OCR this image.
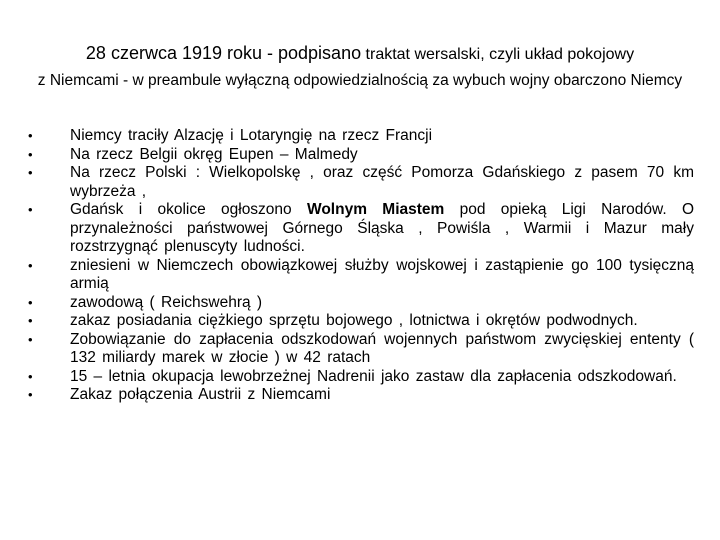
28 czerwca 1919 roku - podpisano traktat wersalski, czyli układ pokojowy
z Niemcami - w preambule wyłączną odpowiedzialnością za wybuch wojny obarczono Niemcy
• Niemcy traciły Alzację i Lotaryngię na rzecz Francji
• Na rzecz Belgii okręg Eupen – Malmedy
• Na rzecz Polski : Wielkopolskę , oraz część Pomorza Gdańskiego z pasem 70 km wybrzeża ,
• Gdańsk i okolice ogłoszono Wolnym Miastem pod opieką Ligi Narodów. O przynależności państwowej Górnego Śląska , Powiśla , Warmii i Mazur mały rozstrzygnąć plenuscyty ludności.
• zniesieni w Niemczech obowiązkowej służby wojskowej i zastąpienie go 100 tysięczną armią
• zawodową ( Reichswehrą )
• zakaz posiadania ciężkiego sprzętu bojowego , lotnictwa i okrętów podwodnych.
• Zobowiązanie do zapłacenia odszkodowań wojennych państwom zwycięskiej ententy ( 132 miliardy marek w złocie ) w 42 ratach
• 15 – letnia okupacja lewobrzeżnej Nadrenii jako zastaw dla zapłacenia odszkodowań.
• Zakaz połączenia Austrii z Niemcami
